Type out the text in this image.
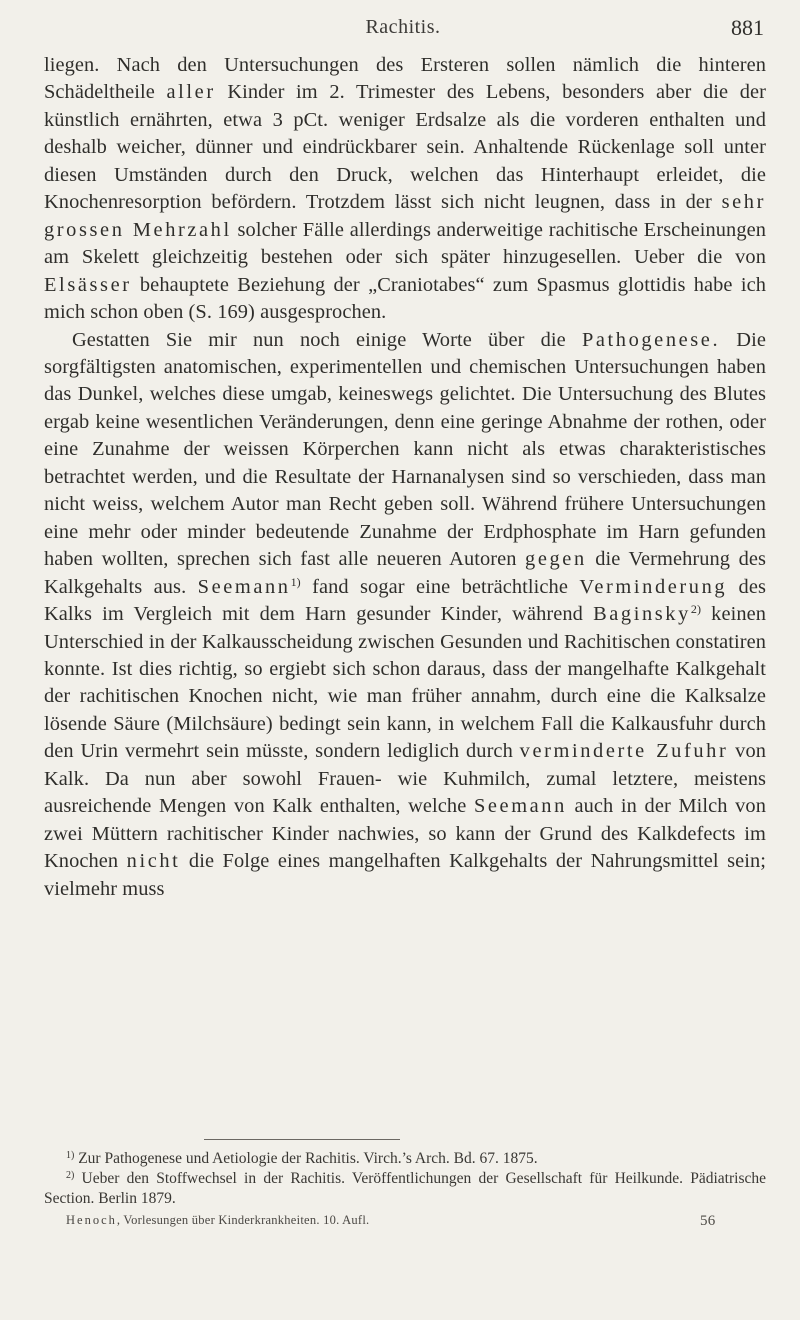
Rachitis.	881

liegen. Nach den Untersuchungen des Ersteren sollen nämlich die hinteren Schädeltheile aller Kinder im 2. Trimester des Lebens, besonders aber die der künstlich ernährten, etwa 3 pCt. weniger Erdsalze als die vorderen enthalten und deshalb weicher, dünner und eindrückbarer sein. Anhaltende Rückenlage soll unter diesen Umständen durch den Druck, welchen das Hinterhaupt erleidet, die Knochenresorption befördern. Trotzdem lässt sich nicht leugnen, dass in der sehr grossen Mehrzahl solcher Fälle allerdings anderweitige rachitische Erscheinungen am Skelett gleichzeitig bestehen oder sich später hinzugesellen. Ueber die von Elsässer behauptete Beziehung der „Craniotabes“ zum Spasmus glottidis habe ich mich schon oben (S. 169) ausgesprochen.

Gestatten Sie mir nun noch einige Worte über die Pathogenese. Die sorgfältigsten anatomischen, experimentellen und chemischen Untersuchungen haben das Dunkel, welches diese umgab, keineswegs gelichtet. Die Untersuchung des Blutes ergab keine wesentlichen Veränderungen, denn eine geringe Abnahme der rothen, oder eine Zunahme der weissen Körperchen kann nicht als etwas charakteristisches betrachtet werden, und die Resultate der Harnanalysen sind so verschieden, dass man nicht weiss, welchem Autor man Recht geben soll. Während frühere Untersuchungen eine mehr oder minder bedeutende Zunahme der Erdphosphate im Harn gefunden haben wollten, sprechen sich fast alle neueren Autoren gegen die Vermehrung des Kalkgehalts aus. Seemann$^{1)}$ fand sogar eine beträchtliche Verminderung des Kalks im Vergleich mit dem Harn gesunder Kinder, während Baginsky$^{2)}$ keinen Unterschied in der Kalkausscheidung zwischen Gesunden und Rachitischen constatiren konnte. Ist dies richtig, so ergiebt sich schon daraus, dass der mangelhafte Kalkgehalt der rachitischen Knochen nicht, wie man früher annahm, durch eine die Kalksalze lösende Säure (Milchsäure) bedingt sein kann, in welchem Fall die Kalkausfuhr durch den Urin vermehrt sein müsste, sondern lediglich durch verminderte Zufuhr von Kalk. Da nun aber sowohl Frauen- wie Kuhmilch, zumal letztere, meistens ausreichende Mengen von Kalk enthalten, welche Seemann auch in der Milch von zwei Müttern rachitischer Kinder nachwies, so kann der Grund des Kalkdefects im Knochen nicht die Folge eines mangelhaften Kalkgehalts der Nahrungsmittel sein; vielmehr muss

$^{1)}$ Zur Pathogenese und Aetiologie der Rachitis. Virch.’s Arch. Bd. 67. 1875.

$^{2)}$ Ueber den Stoffwechsel in der Rachitis. Veröffentlichungen der Gesellschaft für Heilkunde. Pädiatrische Section. Berlin 1879.

Henoch, Vorlesungen über Kinderkrankheiten. 10. Aufl.	56
